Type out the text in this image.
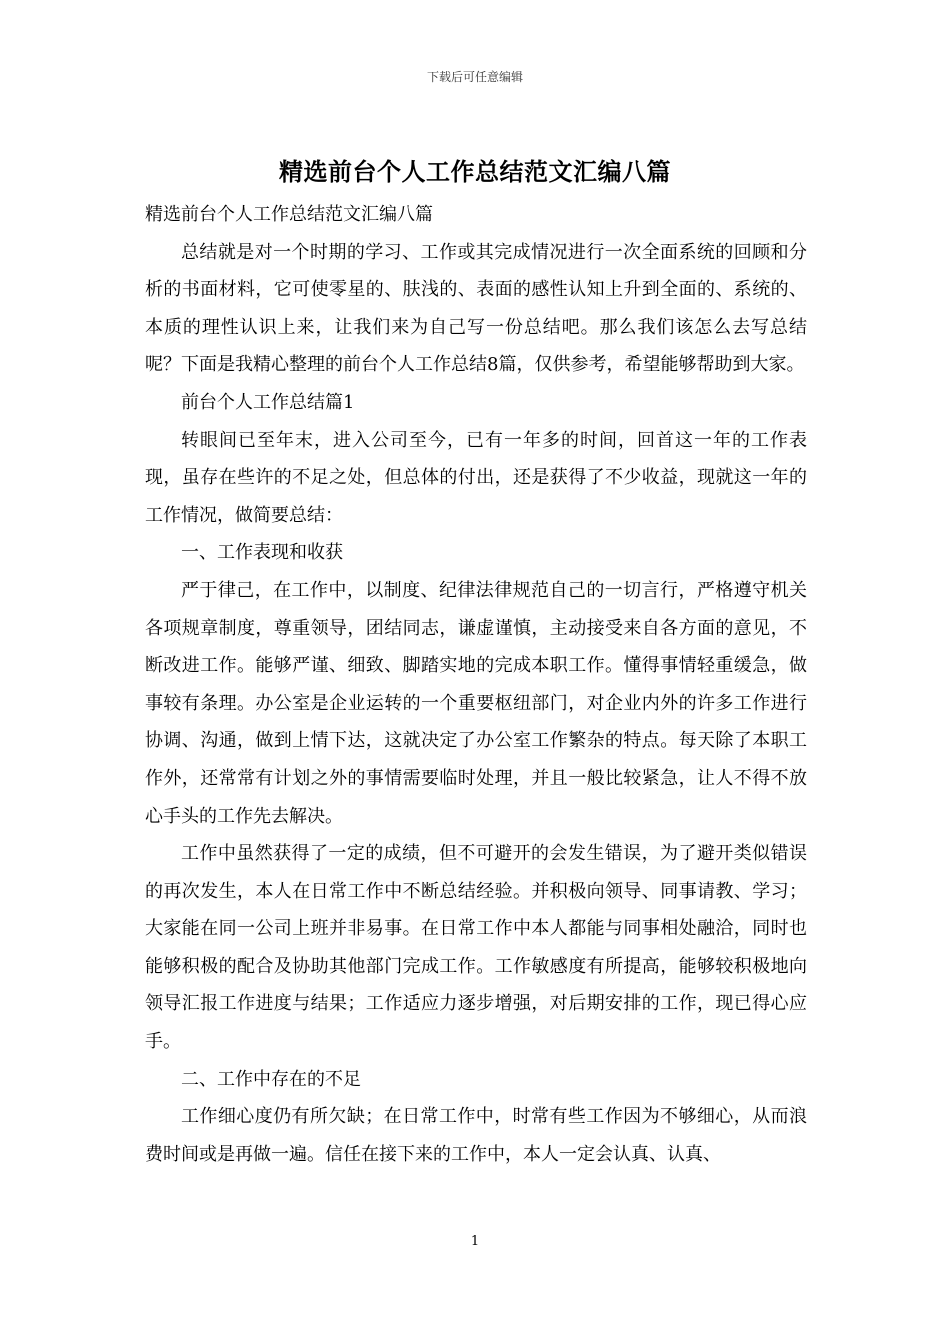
下载后可任意编辑
精选前台个人工作总结范文汇编八篇

精选前台个人工作总结范文汇编八篇

总结就是对一个时期的学习、工作或其完成情况进行一次全面系统的回顾和分析的书面材料，它可使零星的、肤浅的、表面的感性认知上升到全面的、系统的、本质的理性认识上来，让我们来为自己写一份总结吧。那么我们该怎么去写总结呢？下面是我精心整理的前台个人工作总结8篇，仅供参考，希望能够帮助到大家。

前台个人工作总结篇1

转眼间已至年末，进入公司至今，已有一年多的时间，回首这一年的工作表现，虽存在些许的不足之处，但总体的付出，还是获得了不少收益，现就这一年的工作情况，做简要总结：

一、工作表现和收获

严于律己，在工作中，以制度、纪律法律规范自己的一切言行，严格遵守机关各项规章制度，尊重领导，团结同志，谦虚谨慎，主动接受来自各方面的意见，不断改进工作。能够严谨、细致、脚踏实地的完成本职工作。懂得事情轻重缓急，做事较有条理。办公室是企业运转的一个重要枢纽部门，对企业内外的许多工作进行协调、沟通，做到上情下达，这就决定了办公室工作繁杂的特点。每天除了本职工作外，还常常有计划之外的事情需要临时处理，并且一般比较紧急，让人不得不放心手头的工作先去解决。

工作中虽然获得了一定的成绩，但不可避开的会发生错误，为了避开类似错误的再次发生，本人在日常工作中不断总结经验。并积极向领导、同事请教、学习；大家能在同一公司上班并非易事。在日常工作中本人都能与同事相处融洽，同时也能够积极的配合及协助其他部门完成工作。工作敏感度有所提高，能够较积极地向领导汇报工作进度与结果；工作适应力逐步增强，对后期安排的工作，现已得心应手。

二、工作中存在的不足

工作细心度仍有所欠缺；在日常工作中，时常有些工作因为不够细心，从而浪费时间或是再做一遍。信任在接下来的工作中，本人一定会认真、认真、

1
